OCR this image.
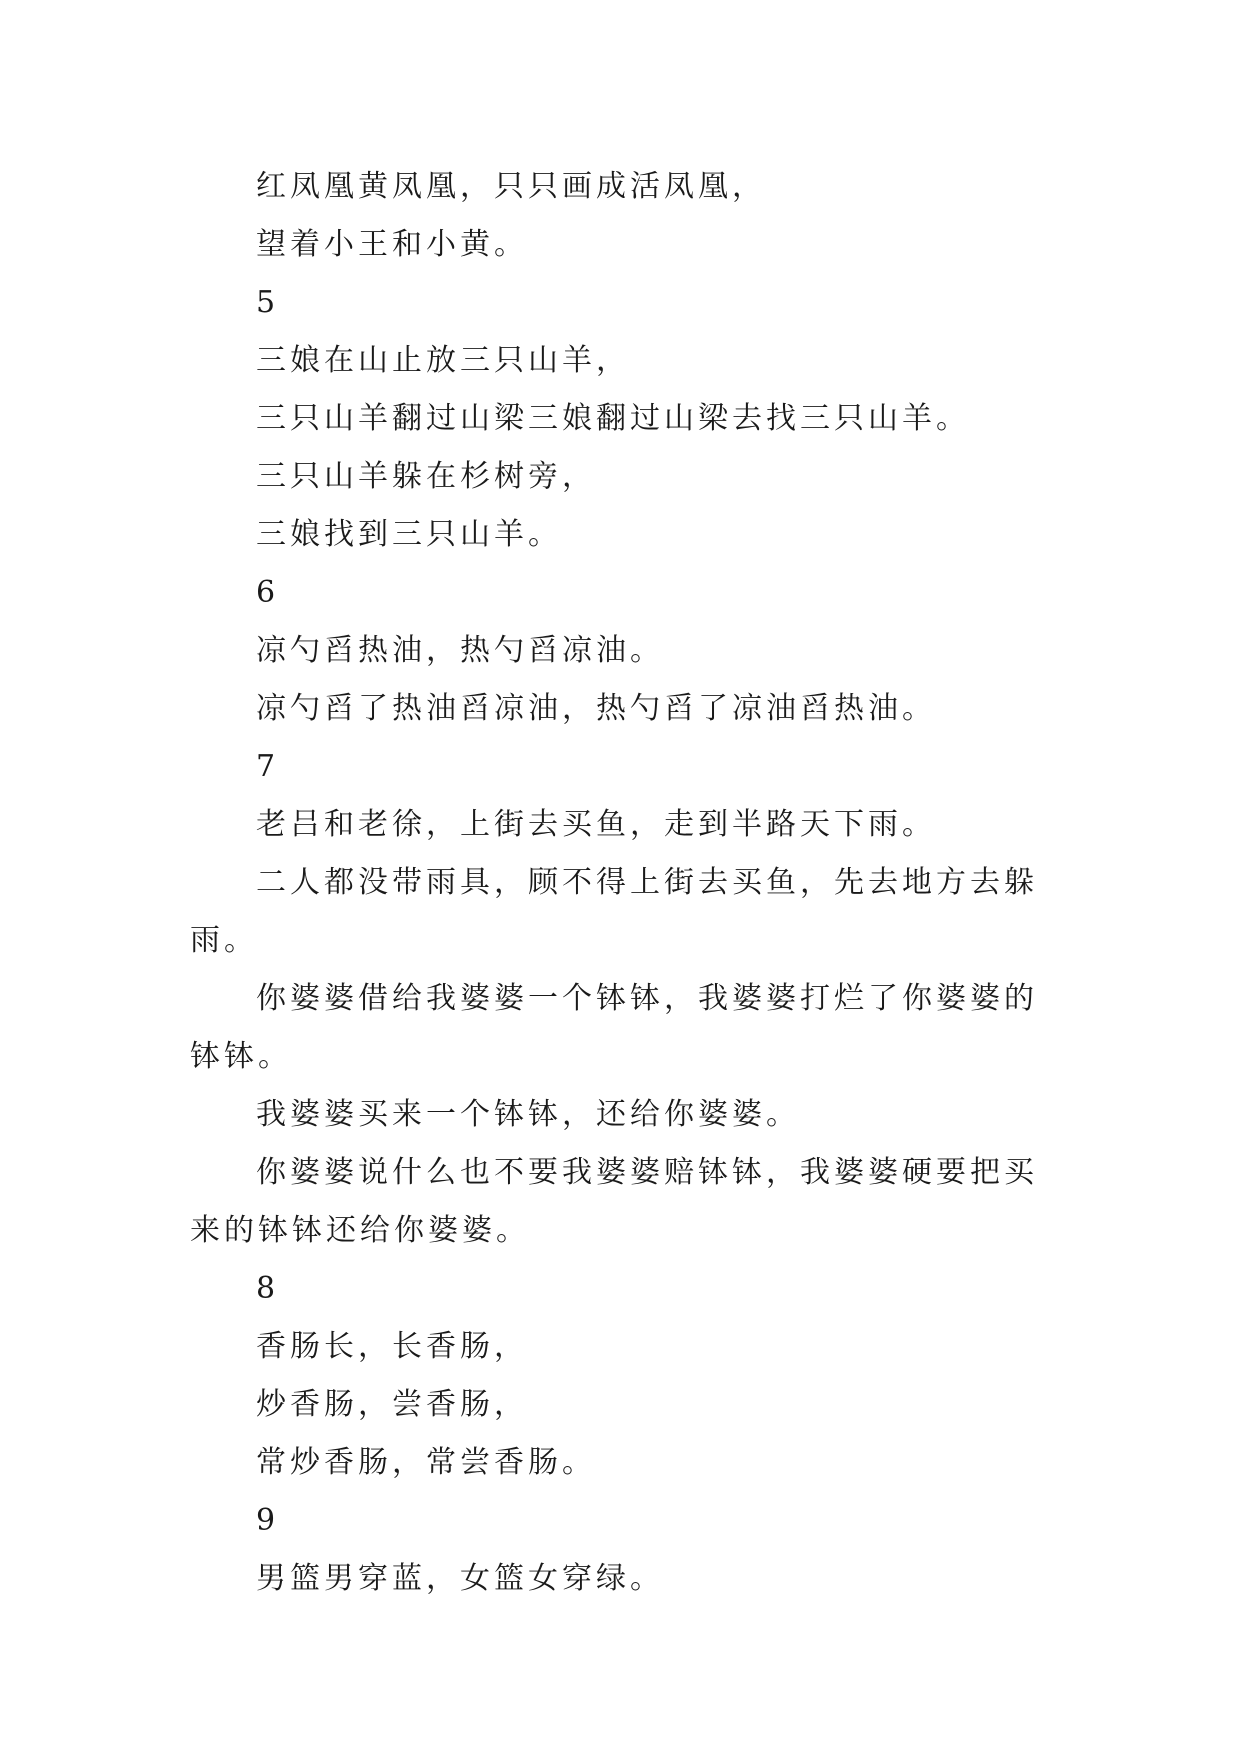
红凤凰黄凤凰，只只画成活凤凰，

望着小王和小黄。

5

三娘在山止放三只山羊，

三只山羊翻过山梁三娘翻过山梁去找三只山羊。

三只山羊躲在杉树旁，

三娘找到三只山羊。

6

凉勺舀热油，热勺舀凉油。

凉勺舀了热油舀凉油，热勺舀了凉油舀热油。

7

老吕和老徐，上街去买鱼，走到半路天下雨。

二人都没带雨具，顾不得上街去买鱼，先去地方去躲雨。

你婆婆借给我婆婆一个钵钵，我婆婆打烂了你婆婆的钵钵。

我婆婆买来一个钵钵，还给你婆婆。

你婆婆说什么也不要我婆婆赔钵钵，我婆婆硬要把买来的钵钵还给你婆婆。

8

香肠长，长香肠，

炒香肠，尝香肠，

常炒香肠，常尝香肠。

9

男篮男穿蓝，女篮女穿绿。
